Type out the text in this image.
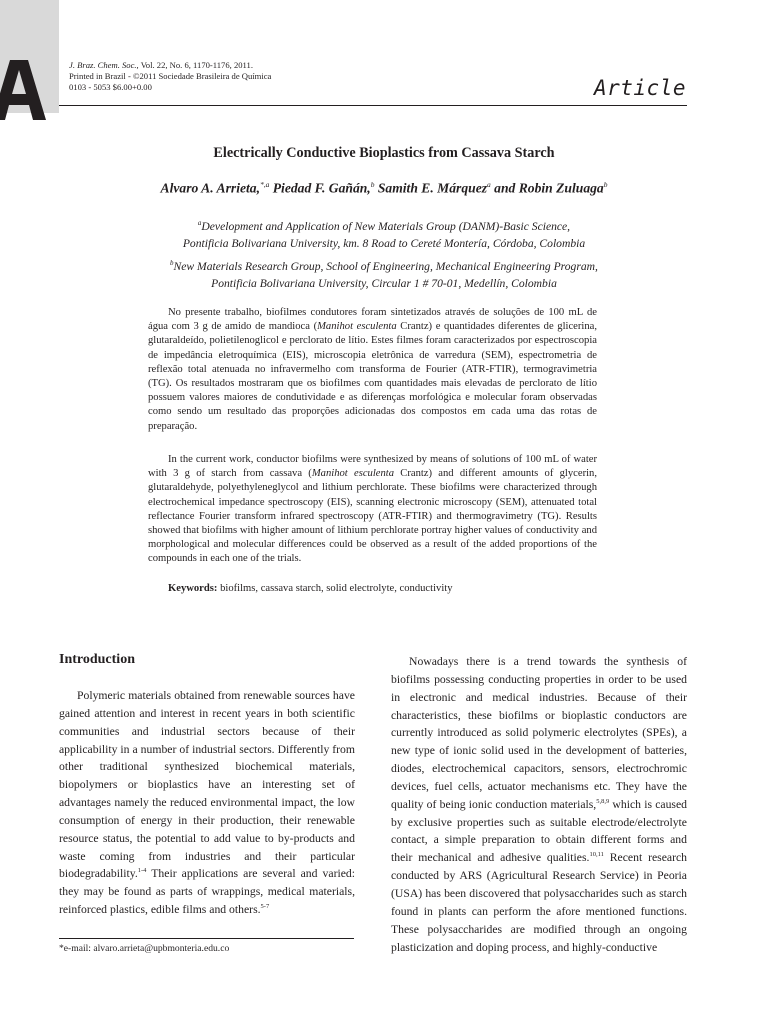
J. Braz. Chem. Soc., Vol. 22, No. 6, 1170-1176, 2011.
Printed in Brazil - ©2011 Sociedade Brasileira de Química
0103 - 5053 $6.00+0.00	Article
Electrically Conductive Bioplastics from Cassava Starch
Alvaro A. Arrieta,$^{*,a}$ Piedad F. Gañán,$^b$ Samith E. Márquez$^a$ and Robin Zuluaga$^b$
$^a$Development and Application of New Materials Group (DANM)-Basic Science,
Pontificia Bolivariana University, km. 8 Road to Cereté Montería, Córdoba, Colombia
$^b$New Materials Research Group, School of Engineering, Mechanical Engineering Program,
Pontificia Bolivariana University, Circular 1 # 70-01, Medellín, Colombia

No presente trabalho, biofilmes condutores foram sintetizados através de soluções de 100 mL de água com 3 g de amido de mandioca (Manihot esculenta Crantz) e quantidades diferentes de glicerina, glutaraldeído, polietilenoglicol e perclorato de lítio. Estes filmes foram caracterizados por espectroscopia de impedância eletroquímica (EIS), microscopia eletrônica de varredura (SEM), espectrometria de reflexão total atenuada no infravermelho com transforma de Fourier (ATR-FTIR), termogravimetria (TG). Os resultados mostraram que os biofilmes com quantidades mais elevadas de perclorato de lítio possuem valores maiores de condutividade e as diferenças morfológica e molecular foram observadas como sendo um resultado das proporções adicionadas dos compostos em cada uma das rotas de preparação.

In the current work, conductor biofilms were synthesized by means of solutions of 100 mL of water with 3 g of starch from cassava (Manihot esculenta Crantz) and different amounts of glycerin, glutaraldehyde, polyethyleneglycol and lithium perchlorate. These biofilms were characterized through electrochemical impedance spectroscopy (EIS), scanning electronic microscopy (SEM), attenuated total reflectance Fourier transform infrared spectroscopy (ATR-FTIR) and thermogravimetry (TG). Results showed that biofilms with higher amount of lithium perchlorate portray higher values of conductivity and morphological and molecular differences could be observed as a result of the added proportions of the compounds in each one of the trials.

Keywords: biofilms, cassava starch, solid electrolyte, conductivity
Introduction

Polymeric materials obtained from renewable sources have gained attention and interest in recent years in both scientific communities and industrial sectors because of their applicability in a number of industrial sectors. Differently from other traditional synthesized biochemical materials, biopolymers or bioplastics have an interesting set of advantages namely the reduced environmental impact, the low consumption of energy in their production, their renewable resource status, the potential to add value to by-products and waste coming from industries and their particular biodegradability.$^{1-4}$ Their applications are several and varied: they may be found as parts of wrappings, medical materials, reinforced plastics, edible films and others.$^{5-7}$

Nowadays there is a trend towards the synthesis of biofilms possessing conducting properties in order to be used in electronic and medical industries. Because of their characteristics, these biofilms or bioplastic conductors are currently introduced as solid polymeric electrolytes (SPEs), a new type of ionic solid used in the development of batteries, diodes, electrochemical capacitors, sensors, electrochromic devices, fuel cells, actuator mechanisms etc. They have the quality of being ionic conduction materials,$^{5,8,9}$ which is caused by exclusive properties such as suitable electrode/electrolyte contact, a simple preparation to obtain different forms and their mechanical and adhesive qualities.$^{10,11}$ Recent research conducted by ARS (Agricultural Research Service) in Peoria (USA) has been discovered that polysaccharides such as starch found in plants can perform the afore mentioned functions. These polysaccharides are modified through an ongoing plasticization and doping process, and highly-conductive

*e-mail: alvaro.arrieta@upbmonteria.edu.co
